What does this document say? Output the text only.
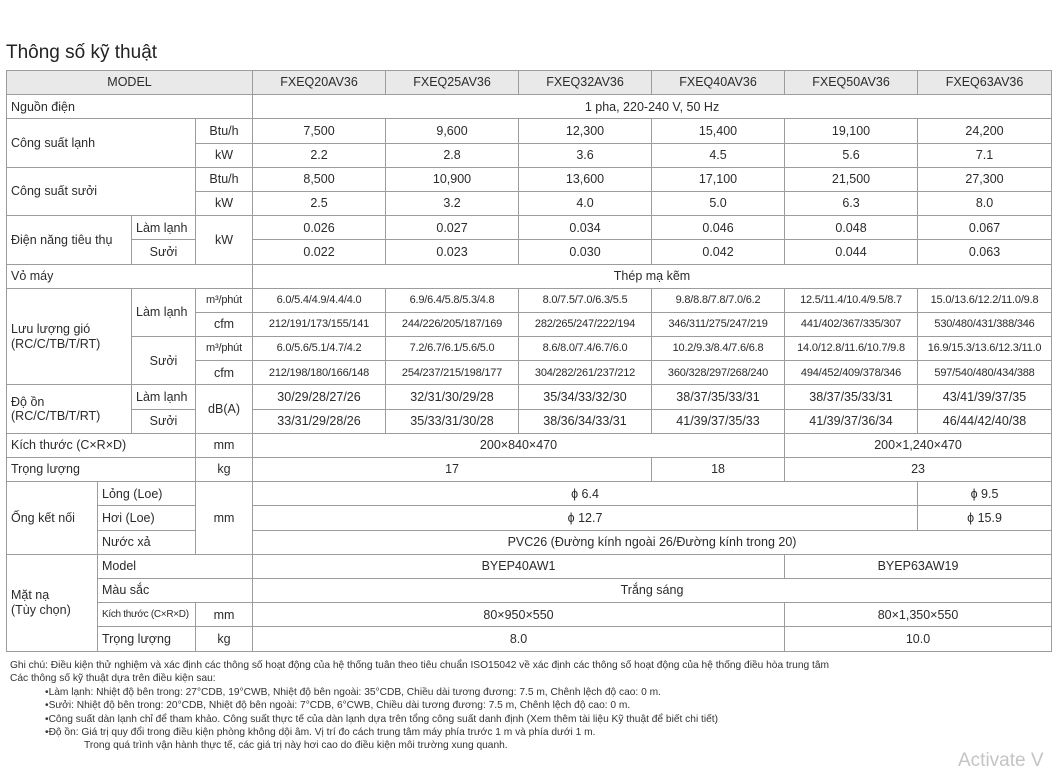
Thông số kỹ thuật
MODEL				FXEQ20AV36	FXEQ25AV36	FXEQ32AV36	FXEQ40AV36	FXEQ50AV36	FXEQ63AV36
Nguồn điện				1 pha, 220-240 V, 50 Hz					
Công suất lạnh			Btu/h	7,500	9,600	12,300	15,400	19,100	24,200
			kW	2.2	2.8	3.6	4.5	5.6	7.1
Công suất sưởi			Btu/h	8,500	10,900	13,600	17,100	21,500	27,300
			kW	2.5	3.2	4.0	5.0	6.3	8.0
Điện năng tiêu thụ		Làm lạnh	kW	0.026	0.027	0.034	0.046	0.048	0.067
		Sưởi		0.022	0.023	0.030	0.042	0.044	0.063
Vỏ máy				Thép mạ kẽm					
Lưu lượng gió
(RC/C/TB/T/RT)		Làm lạnh	m³/phút	6.0/5.4/4.9/4.4/4.0	6.9/6.4/5.8/5.3/4.8	8.0/7.5/7.0/6.3/5.5	9.8/8.8/7.8/7.0/6.2	12.5/11.4/10.4/9.5/8.7	15.0/13.6/12.2/11.0/9.8
			cfm	212/191/173/155/141	244/226/205/187/169	282/265/247/222/194	346/311/275/247/219	441/402/367/335/307	530/480/431/388/346
		Sưởi	m³/phút	6.0/5.6/5.1/4.7/4.2	7.2/6.7/6.1/5.6/5.0	8.6/8.0/7.4/6.7/6.0	10.2/9.3/8.4/7.6/6.8	14.0/12.8/11.6/10.7/9.8	16.9/15.3/13.6/12.3/11.0
			cfm	212/198/180/166/148	254/237/215/198/177	304/282/261/237/212	360/328/297/268/240	494/452/409/378/346	597/540/480/434/388
Độ ồn
(RC/C/TB/T/RT)		Làm lạnh	dB(A)	30/29/28/27/26	32/31/30/29/28	35/34/33/32/30	38/37/35/33/31	38/37/35/33/31	43/41/39/37/35
		Sưởi		33/31/29/28/26	35/33/31/30/28	38/36/34/33/31	41/39/37/35/33	41/39/37/36/34	46/44/42/40/38
Kích thước (C×R×D)			mm	200×840×470				200×1,240×470	
Trọng lượng			kg	17			18	23	
Ống kết nối	Lỏng (Loe)		mm	ϕ 6.4					ϕ 9.5
	Hơi (Loe)			ϕ 12.7					ϕ 15.9
	Nước xả			PVC26 (Đường kính ngoài 26/Đường kính trong 20)					
Mặt nạ
(Tùy chọn)	Model			BYEP40AW1				BYEP63AW19	
	Màu sắc			Trắng sáng					
	Kích thước (C×R×D)		mm	80×950×550				80×1,350×550	
	Trọng lượng		kg	8.0				10.0	
Ghi chú: Điều kiện thử nghiệm và xác định các thông số hoạt động của hệ thống tuân theo tiêu chuẩn ISO15042 về xác định các thông số hoạt động của hệ thống điều hòa trung tâm
Các thông số kỹ thuật dựa trên điều kiện sau:
•Làm lạnh: Nhiệt độ bên trong: 27°CDB, 19°CWB, Nhiệt độ bên ngoài: 35°CDB, Chiều dài tương đương: 7.5 m, Chênh lệch độ cao: 0 m.
•Sưởi: Nhiệt độ bên trong: 20°CDB, Nhiệt độ bên ngoài: 7°CDB, 6°CWB, Chiều dài tương đương: 7.5 m, Chênh lệch độ cao: 0 m.
•Công suất dàn lạnh chỉ để tham khảo. Công suất thực tế của dàn lạnh dựa trên tổng công suất danh định (Xem thêm tài liệu Kỹ thuật để biết chi tiết)
•Độ ồn: Giá trị quy đổi trong điều kiện phòng không dội âm. Vị trí đo cách trung tâm máy phía trước 1 m và phía dưới 1 m.
Trong quá trình vận hành thực tế, các giá trị này hơi cao do điều kiện môi trường xung quanh.
Activate V
